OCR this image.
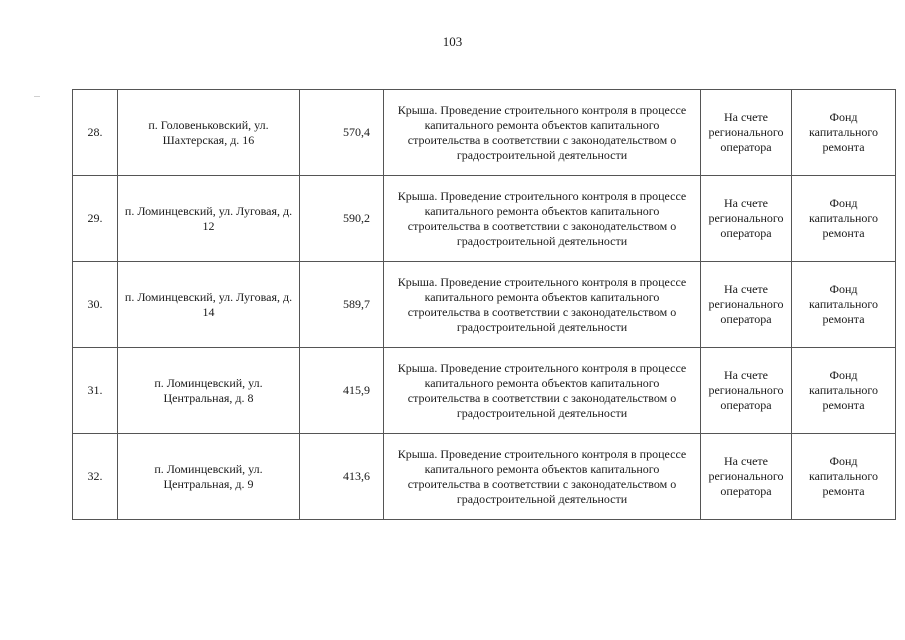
103
28.	п. Головеньковский, ул. Шахтерская, д. 16	570,4	Крыша. Проведение строительного контроля в процессе капитального ремонта объектов капитального строительства в соответствии с законодательством о градостроительной деятельности	На счете регионального оператора	Фонд капитального ремонта
29.	п. Ломинцевский, ул. Луговая, д. 12	590,2	Крыша. Проведение строительного контроля в процессе капитального ремонта объектов капитального строительства в соответствии с законодательством о градостроительной деятельности	На счете регионального оператора	Фонд капитального ремонта
30.	п. Ломинцевский, ул. Луговая, д. 14	589,7	Крыша. Проведение строительного контроля в процессе капитального ремонта объектов капитального строительства в соответствии с законодательством о градостроительной деятельности	На счете регионального оператора	Фонд капитального ремонта
31.	п. Ломинцевский, ул. Центральная, д. 8	415,9	Крыша. Проведение строительного контроля в процессе капитального ремонта объектов капитального строительства в соответствии с законодательством о градостроительной деятельности	На счете регионального оператора	Фонд капитального ремонта
32.	п. Ломинцевский, ул. Центральная, д. 9	413,6	Крыша. Проведение строительного контроля в процессе капитального ремонта объектов капитального строительства в соответствии с законодательством о градостроительной деятельности	На счете регионального оператора	Фонд капитального ремонта
